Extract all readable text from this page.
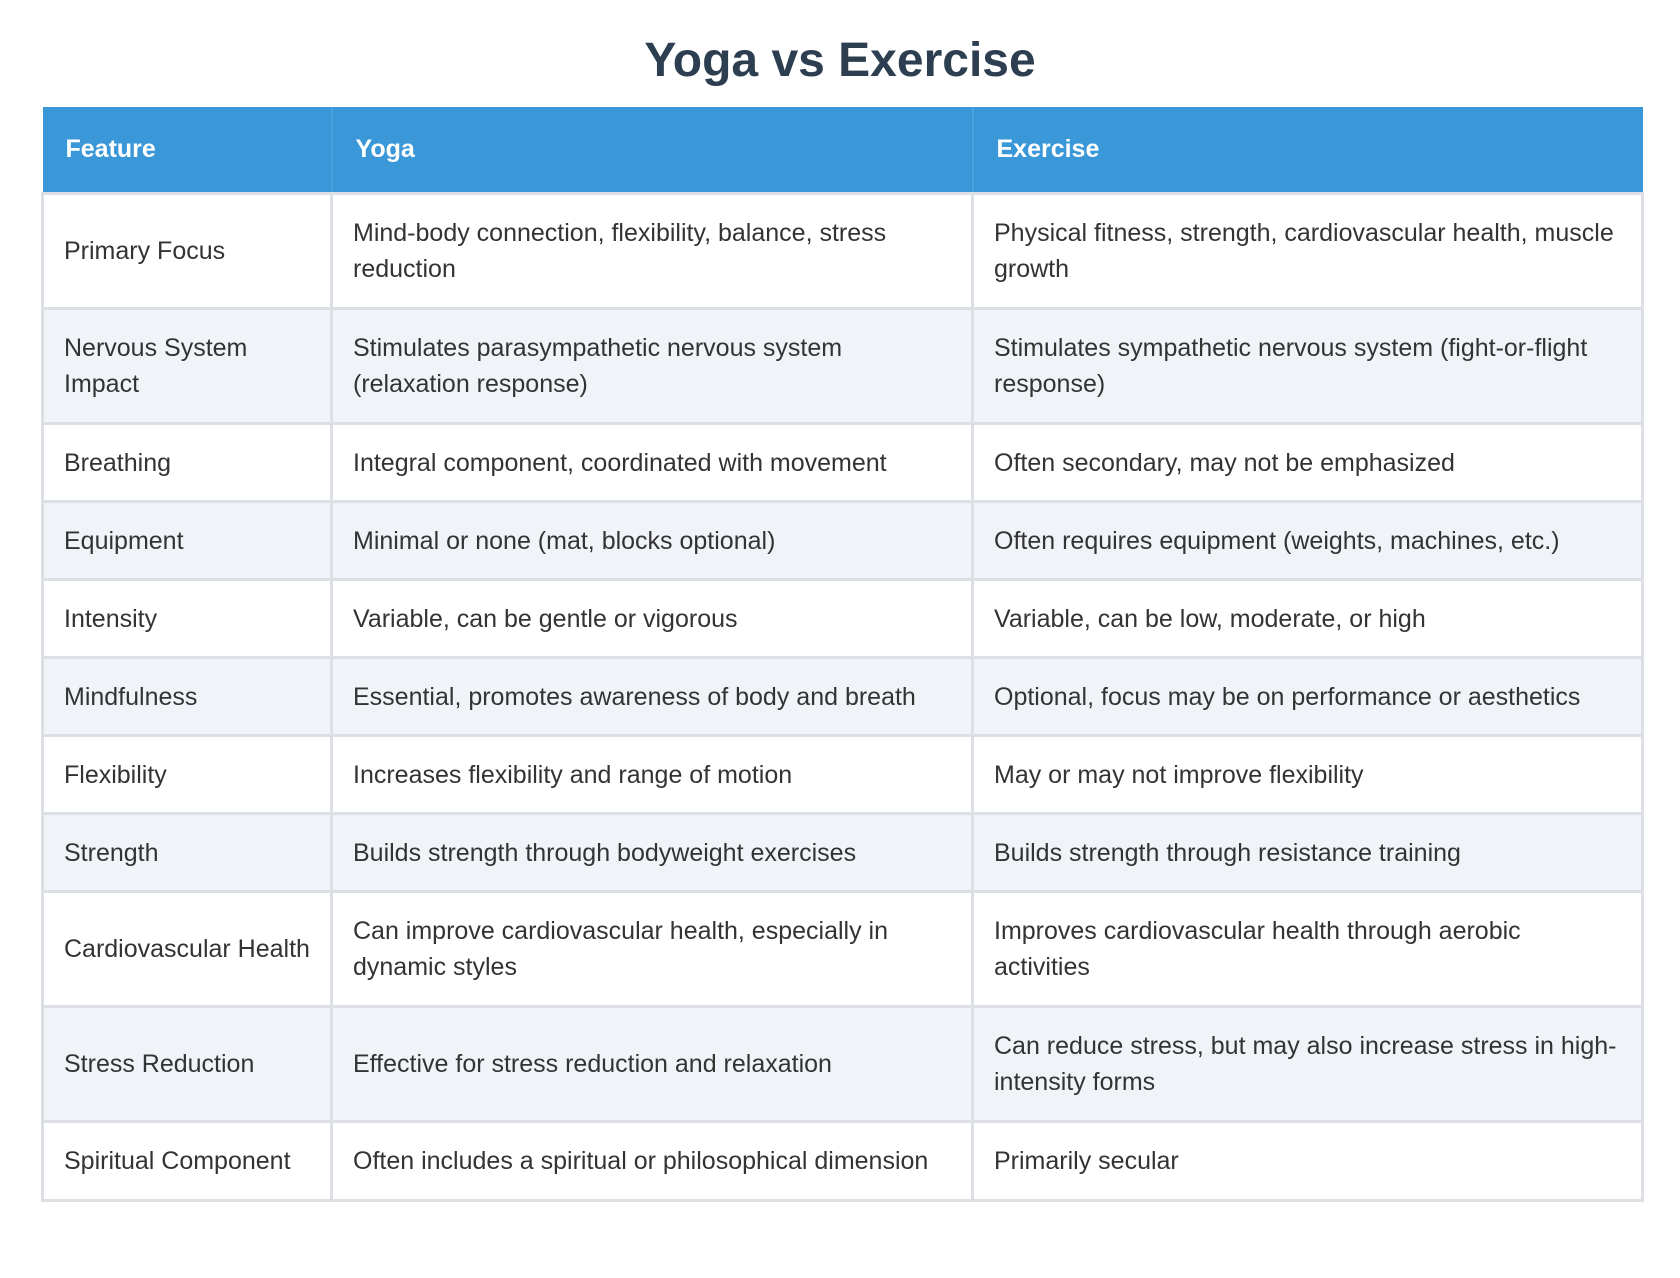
Yoga vs Exercise
Feature	Yoga	Exercise
Primary Focus	Mind-body connection, flexibility, balance, stress reduction	Physical fitness, strength, cardiovascular health, muscle growth
Nervous System Impact	Stimulates parasympathetic nervous system (relaxation response)	Stimulates sympathetic nervous system (fight-or-flight response)
Breathing	Integral component, coordinated with movement	Often secondary, may not be emphasized
Equipment	Minimal or none (mat, blocks optional)	Often requires equipment (weights, machines, etc.)
Intensity	Variable, can be gentle or vigorous	Variable, can be low, moderate, or high
Mindfulness	Essential, promotes awareness of body and breath	Optional, focus may be on performance or aesthetics
Flexibility	Increases flexibility and range of motion	May or may not improve flexibility
Strength	Builds strength through bodyweight exercises	Builds strength through resistance training
Cardiovascular Health	Can improve cardiovascular health, especially in dynamic styles	Improves cardiovascular health through aerobic activities
Stress Reduction	Effective for stress reduction and relaxation	Can reduce stress, but may also increase stress in high-intensity forms
Spiritual Component	Often includes a spiritual or philosophical dimension	Primarily secular
